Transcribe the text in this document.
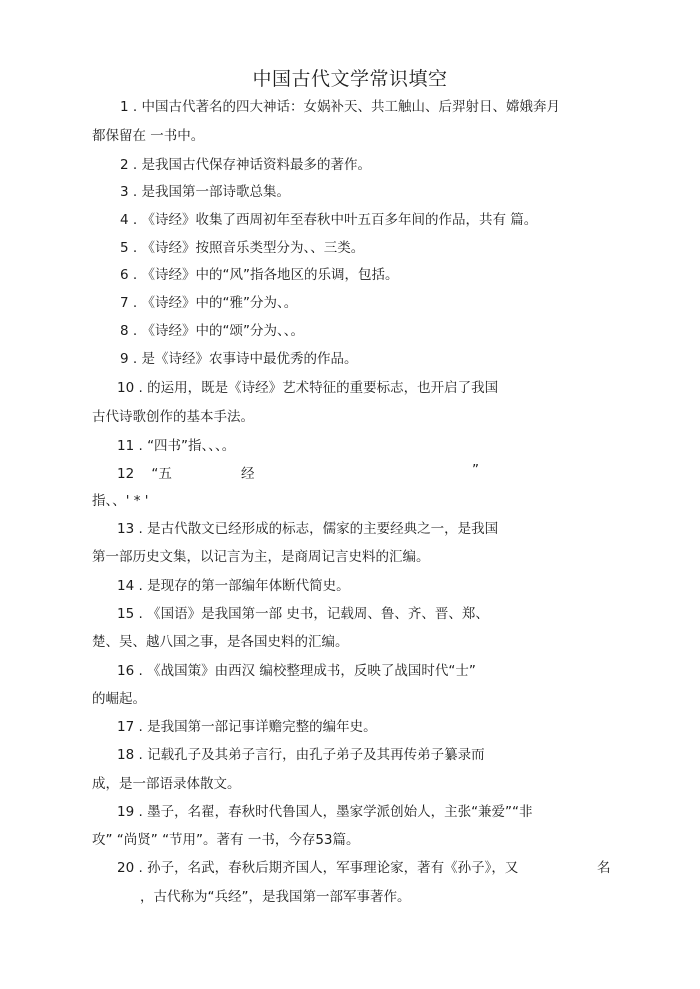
中国古代文学常识填空
1 . 中国古代著名的四大神话：女娲补天、共工触山、后羿射日、嫦娥奔月
都保留在 一书中。
2 . 是我国古代保存神话资料最多的著作。
3 . 是我国第一部诗歌总集。
4 . 《诗经》收集了西周初年至春秋中叶五百多年间的作品，共有 篇。
5 . 《诗经》按照音乐类型分为、、三类。
6 . 《诗经》中的“风”指各地区的乐调，包括。
7 . 《诗经》中的“雅”分为、。
8 . 《诗经》中的“颂”分为、、。
9 . 是《诗经》农事诗中最优秀的作品。
10 . 的运用，既是《诗经》艺术特征的重要标志，也开启了我国
古代诗歌创作的基本手法。
11 . “四书”指、、、。
12 “五	经	”
指、、' * '
13 . 是古代散文已经形成的标志，儒家的主要经典之一，是我国
第一部历史文集，以记言为主，是商周记言史料的汇编。
14 . 是现存的第一部编年体断代简史。
15 . 《国语》是我国第一部 史书，记载周、鲁、齐、晋、郑、
楚、吴、越八国之事，是各国史料的汇编。
16 . 《战国策》由西汉 编校整理成书，反映了战国时代“士”
的崛起。
17 . 是我国第一部记事详赡完整的编年史。
18 . 记载孔子及其弟子言行，由孔子弟子及其再传弟子纂录而
成，是一部语录体散文。
19 . 墨子，名翟，春秋时代鲁国人，墨家学派创始人，主张“兼爱”“非
攻” “尚贤” “节用”。著有 一书，今存53篇。
20 . 孙子，名武，春秋后期齐国人，军事理论家，著有《孙子》，又	名
，古代称为“兵经”，是我国第一部军事著作。
